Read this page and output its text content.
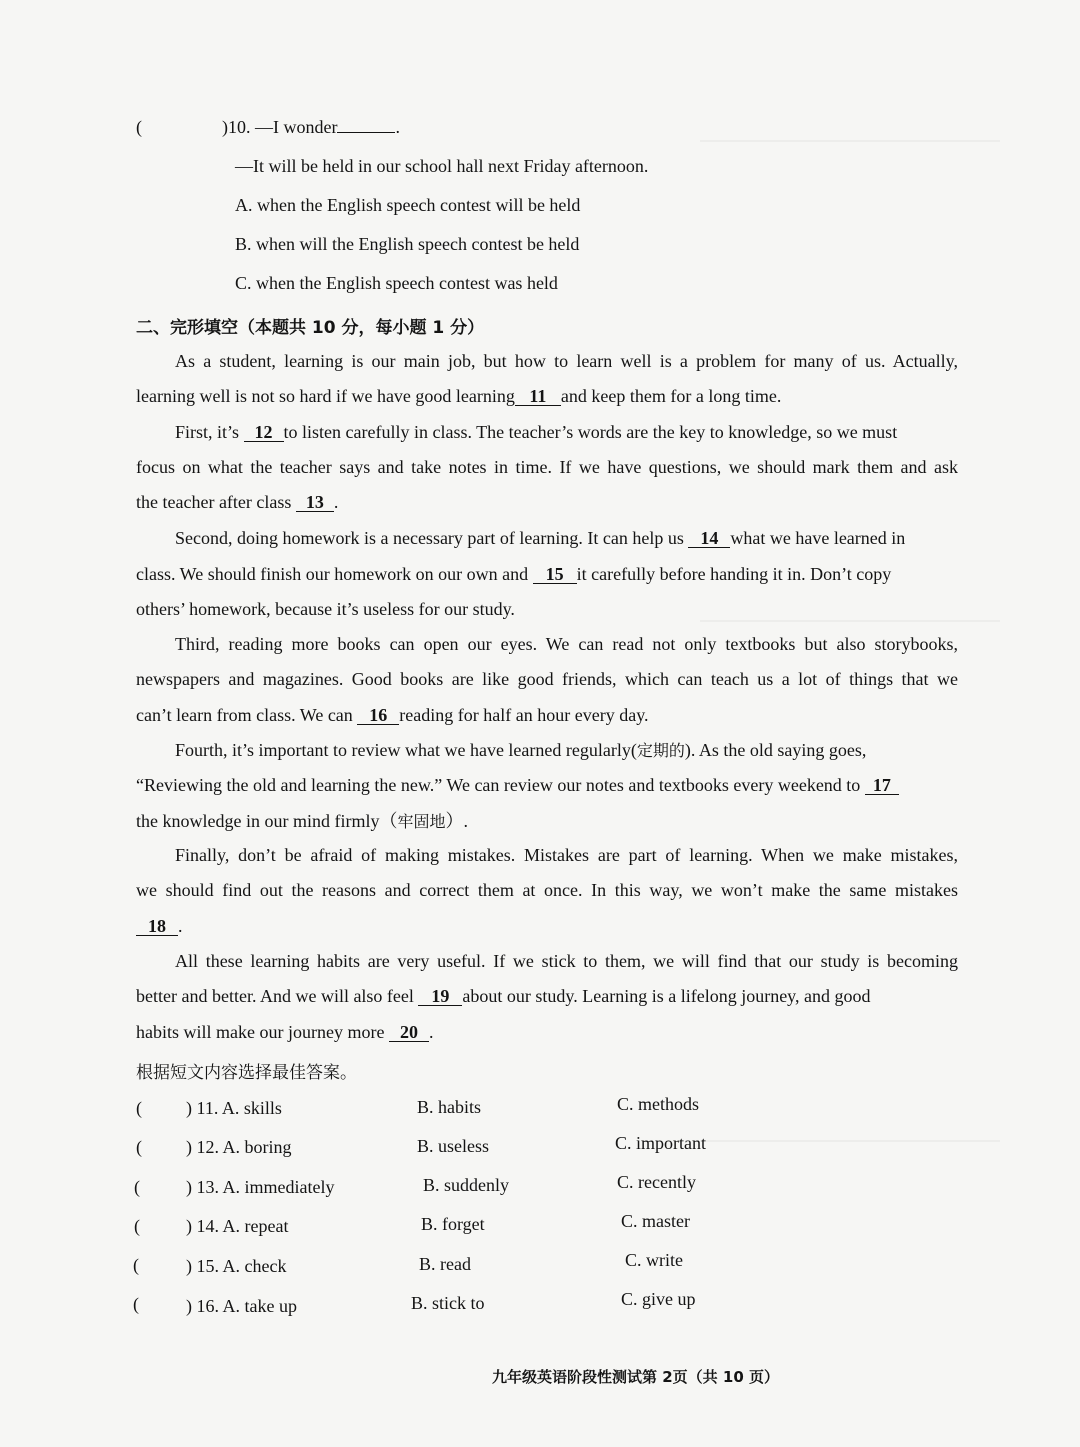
(	)10. —I wonder	.
—It will be held in our school hall next Friday afternoon.
A. when the English speech contest will be held
B. when will the English speech contest be held
C. when the English speech contest was held
二、完形填空（本题共 10 分，每小题 1 分）
As a student, learning is our main job, but how to learn well is a problem for many of us. Actually,
learning well is not so hard if we have good learning 11 and keep them for a long time.
First, it’s 12 to listen carefully in class. The teacher’s words are the key to knowledge, so we must
focus on what the teacher says and take notes in time. If we have questions, we should mark them and ask
the teacher after class 13 .
Second, doing homework is a necessary part of learning. It can help us 14 what we have learned in
class. We should finish our homework on our own and 15 it carefully before handing it in. Don’t copy
others’ homework, because it’s useless for our study.
Third, reading more books can open our eyes. We can read not only textbooks but also storybooks,
newspapers and magazines. Good books are like good friends, which can teach us a lot of things that we
can’t learn from class. We can 16 reading for half an hour every day.
Fourth, it’s important to review what we have learned regularly(定期的). As the old saying goes,
“Reviewing the old and learning the new.” We can review our notes and textbooks every weekend to 17
the knowledge in our mind firmly（牢固地）.
Finally, don’t be afraid of making mistakes. Mistakes are part of learning. When we make mistakes,
we should find out the reasons and correct them at once. In this way, we won’t make the same mistakes
18 .
All these learning habits are very useful. If we stick to them, we will find that our study is becoming
better and better. And we will also feel 19 about our study. Learning is a lifelong journey, and good
habits will make our journey more 20 .
根据短文内容选择最佳答案。
( ) 11. A. skills	B. habits	C. methods
( ) 12. A. boring	B. useless	C. important
(	) 13. A. immediately	B. suddenly	C. recently
(	) 14. A. repeat	B. forget	C. master
(	) 15. A. check	B. read	C. write
(	) 16. A. take up	B. stick to	C. give up
九年级英语阶段性测试第 2页（共 10 页）
